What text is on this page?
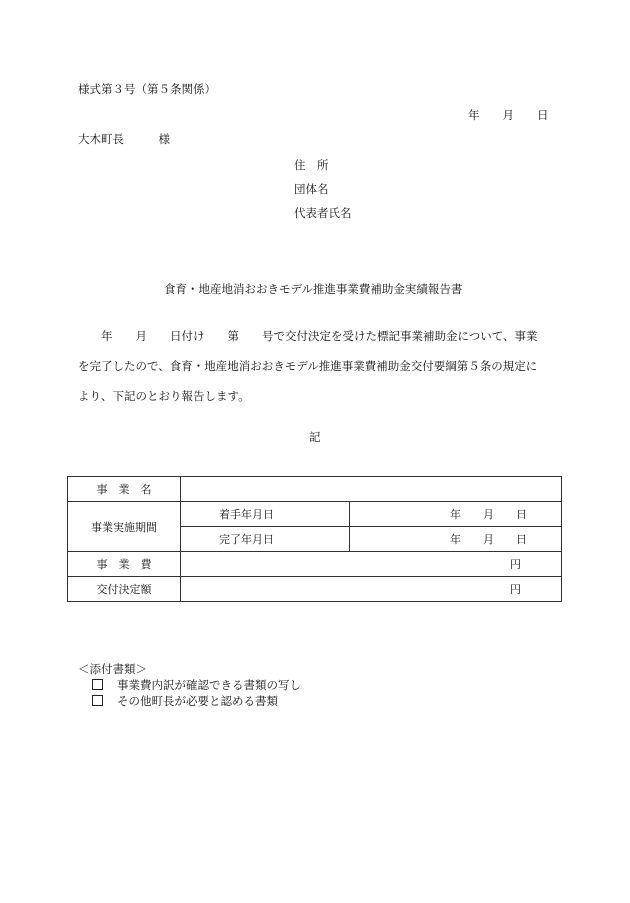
様式第３号（第５条関係）
年　　月　　日
大木町長　　　様
住　所
団体名
代表者氏名
食育・地産地消おおきモデル推進事業費補助金実績報告書
　　年　　月　　日付け　　第　　号で交付決定を受けた標記事業補助金について、事業
を完了したので、食育・地産地消おおきモデル推進事業費補助金交付要綱第５条の規定に
より、下記のとおり報告します。
記
事　業　名		
事業実施期間	着手年月日	年　　月　　日
	完了年月日	年　　月　　日
事　業　費	円	
交付決定額	円	
＜添付書類＞
事業費内訳が確認できる書類の写し
その他町長が必要と認める書類
